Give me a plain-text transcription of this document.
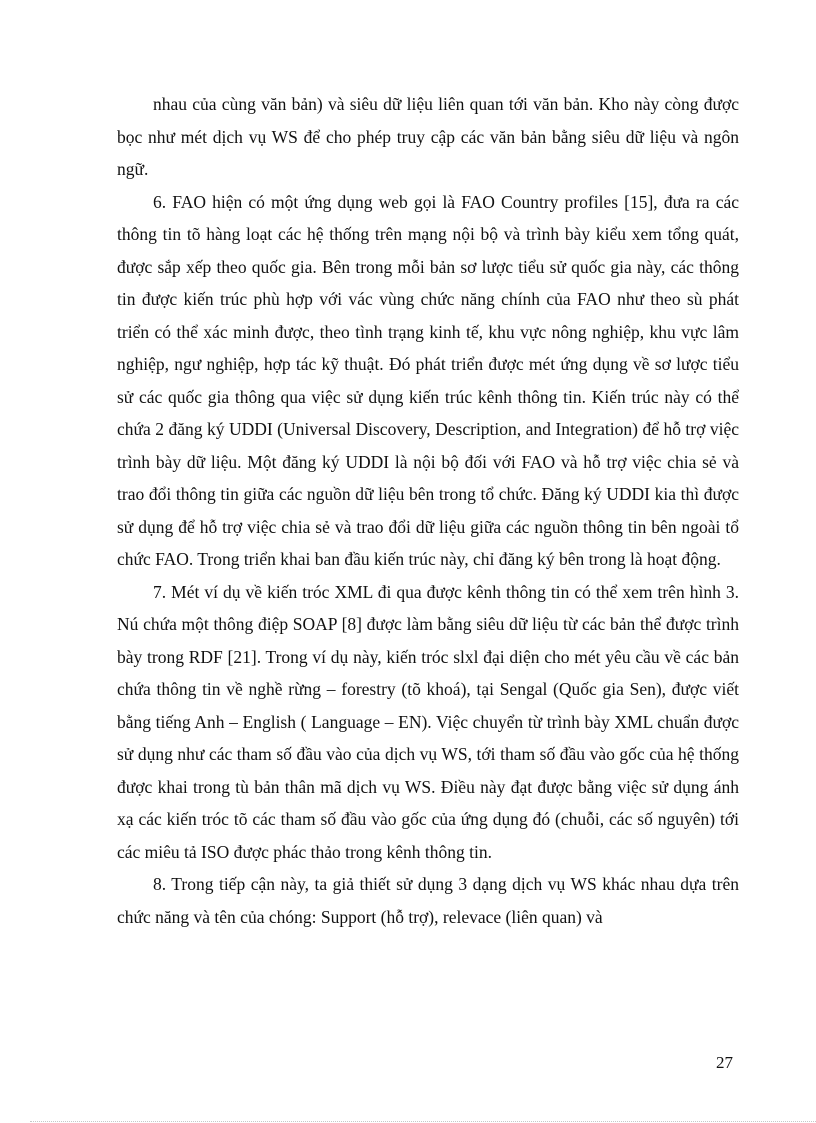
nhau của cùng văn bản) và siêu dữ liệu liên quan tới văn bản. Kho này còng được bọc như mét dịch vụ WS để cho phép truy cập các văn bản bằng siêu dữ liệu và ngôn ngữ.

6. FAO hiện có một ứng dụng web gọi là FAO Country profiles [15], đưa ra các thông tin tõ hàng loạt các hệ thống trên mạng nội bộ và trình bày kiểu xem tổng quát, được sắp xếp theo quốc gia. Bên trong mỗi bản sơ lược tiểu sử quốc gia này, các thông tin được kiến trúc phù hợp với vác vùng chức năng chính của FAO như theo sù phát triển có thể xác minh được, theo tình trạng kinh tế, khu vực nông nghiệp, khu vực lâm nghiệp, ngư nghiệp, hợp tác kỹ thuật. Đó phát triển được mét ứng dụng về sơ lược tiểu sử các quốc gia thông qua việc sử dụng kiến trúc kênh thông tin. Kiến trúc này có thể chứa 2 đăng ký UDDI (Universal Discovery, Description, and Integration) để hỗ trợ việc trình bày dữ liệu. Một đăng ký UDDI là nội bộ đối với FAO và hỗ trợ việc chia sẻ và trao đổi thông tin giữa các nguồn dữ liệu bên trong tổ chức. Đăng ký UDDI kia thì được sử dụng để hỗ trợ việc chia sẻ và trao đổi dữ liệu giữa các nguồn thông tin bên ngoài tổ chức FAO. Trong triển khai ban đầu kiến trúc này, chỉ đăng ký bên trong là hoạt động.

7. Mét ví dụ về kiến tróc XML đi qua được kênh thông tin có thể xem trên hình 3. Nú chứa một thông điệp SOAP [8] được làm bằng siêu dữ liệu từ các bản thể được trình bày trong RDF [21]. Trong ví dụ này, kiến tróc slxl đại diện cho mét yêu cầu về các bản chứa thông tin về nghề rừng – forestry (tõ khoá), tại Sengal (Quốc gia Sen), được viết bằng tiếng Anh – English ( Language – EN). Việc chuyển từ trình bày XML chuẩn được sử dụng như các tham số đầu vào của dịch vụ WS, tới tham số đầu vào gốc của hệ thống được khai trong tù bản thân mã dịch vụ WS. Điều này đạt được bằng việc sử dụng ánh xạ các kiến tróc tõ các tham số đầu vào gốc của ứng dụng đó (chuỗi, các số nguyên) tới các miêu tả ISO được phác thảo trong kênh thông tin.

8. Trong tiếp cận này, ta giả thiết sử dụng 3 dạng dịch vụ WS khác nhau dựa trên chức năng và tên của chóng: Support (hỗ trợ), relevace (liên quan) và

27
